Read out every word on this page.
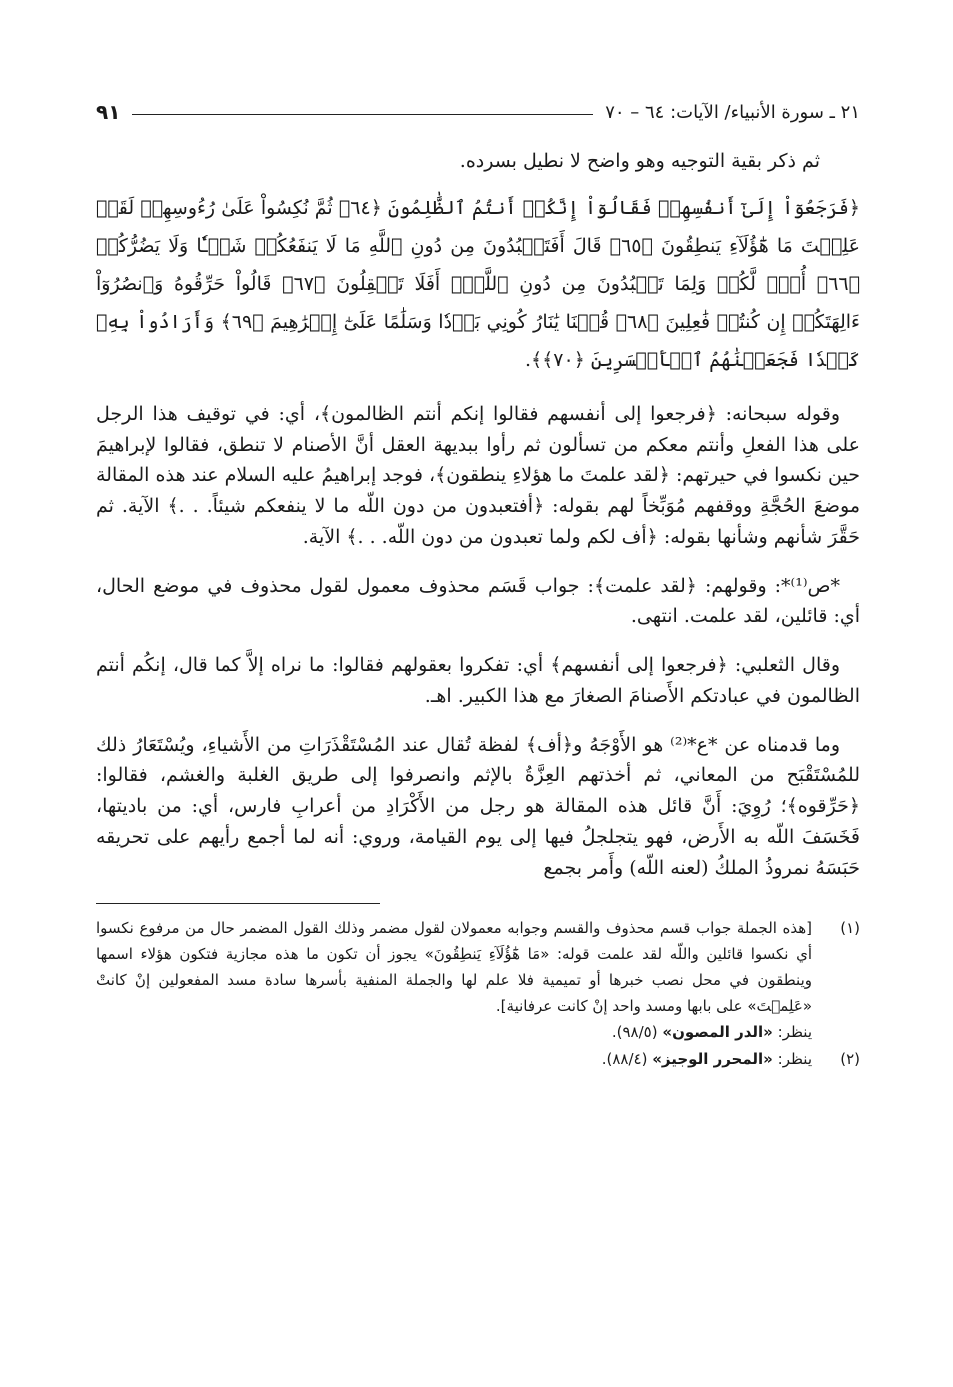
٢١ ـ سورة الأنبياء/ الآيات: ٦٤ – ٧٠
٩١

ثم ذكر بقية التوجيه وهو واضح لا نطيل بسرده.

﴿فَرَجَعُوٓاْ إِلَىٰٓ أَنفُسِهِمۡ فَقَالُوٓاْ إِنَّكُمۡ أَنتُمُ ٱلظَّٰلِمُونَ ﴿٦٤﴾ ثُمَّ نُكِسُواْ عَلَىٰ رُءُوسِهِمۡ لَقَدۡ عَلِمۡتَ مَا هَٰٓؤُلَآءِ يَنطِقُونَ ﴿٦٥﴾ قَالَ أَفَتَعۡبُدُونَ مِن دُونِ ٱللَّهِ مَا لَا يَنفَعُكُمۡ شَيۡـٔٗا وَلَا يَضُرُّكُمۡ ﴿٦٦﴾ أُفّٖ لَّكُمۡ وَلِمَا تَعۡبُدُونَ مِن دُونِ ٱللَّهِۚ أَفَلَا تَعۡقِلُونَ ﴿٦٧﴾ قَالُواْ حَرِّقُوهُ وَٱنصُرُوٓاْ ءَالِهَتَكُمۡ إِن كُنتُمۡ فَٰعِلِينَ ﴿٦٨﴾ قُلۡنَا يَٰنَارُ كُونِي بَرۡدٗا وَسَلَٰمًا عَلَىٰٓ إِبۡرَٰهِيمَ ﴿٦٩﴾ وَأَرَادُواْ بِهِۦ كَيۡدٗا فَجَعَلۡنَٰهُمُ ٱلۡأَخۡسَرِينَ ﴿٧٠﴾﴾.

وقوله سبحانه: ﴿فرجعوا إلى أنفسهم فقالوا إنكم أنتم الظالمون﴾، أي: في توقيف هذا الرجل على هذا الفعلِ وأنتم معكم من تسألون ثم رأوا ببديهة العقل أنَّ الأصنام لا تنطق، فقالوا لإبراهيمَ حين نكسوا في حيرتهم: ﴿لقد علمتَ ما هؤلاءِ ينطقون﴾، فوجد إبراهيمُ عليه السلام عند هذه المقالة موضعَ الحُجَّةِ ووقفهم مُوَبِّخاً لهم بقوله: ﴿أفتعبدون من دون اللّه ما لا ينفعكم شيئاً. . .﴾ الآية. ثم حَقَّرَ شأنهم وشأنها بقوله: ﴿أف لكم ولما تعبدون من دون اللّه. . .﴾ الآية.

*ص⁽¹⁾*: وقولهم: ﴿لقد علمت﴾: جواب قَسَم محذوف معمول لقول محذوف في موضع الحال، أي: قائلين، لقد علمت. انتهى.

وقال الثعلبي: ﴿فرجعوا إلى أنفسهم﴾ أي: تفكروا بعقولهم فقالوا: ما نراه إلاَّ كما قال، إنكُم أنتم الظالمون في عبادتكم الأَصنامَ الصغارَ مع هذا الكبير. اهـ.

وما قدمناه عن *ع*⁽²⁾ هو الأَوْجَهُ و﴿أف﴾ لفظة تُقال عند المُسْتَقْذَرَاتِ من الأَشياءِ، ويُسْتَعَارُ ذلك للمُسْتَقْبَح من المعاني، ثم أخذتهم العِزَّةُ بالإثم وانصرفوا إلى طريق الغلبة والغشم، فقالوا: ﴿حَرِّقوه﴾؛ رُوِيَ: أَنَّ قائل هذه المقالة هو رجل من الأَكْرَادِ من أعرابِ فارس، أي: من باديتها، فَخَسَفَ اللّه به الأَرض، فهو يتجلجلُ فيها إلى يوم القيامة، وروي: أنه لما أجمع رأيهم على تحريقه حَبَسَهُ نمروذُ الملكُ (لعنه اللّه) وأَمر بجمع

(١)
[هذه الجملة جواب قسم محذوف والقسم وجوابه معمولان لقول مضمر وذلك القول المضمر حال من مرفوع نكسوا أي نكسوا قائلين واللّه لقد علمت قوله: «مَا هَٰٓؤُلَآءِ يَنطِقُونَ» يجوز أن تكون ما هذه مجازية فتكون هؤلاء اسمها وينطقون في محل نصب خبرها أو تميمية فلا علم لها والجملة المنفية بأسرها سادة مسد المفعولين إنْ كانتْ «عَلِمۡتَ» على بابها ومسد واحد إنْ كانت عرفانية].
ينظر: «الدر المصون» (٩٨/٥).
(٢)
ينظر: «المحرر الوجيز» (٨٨/٤).
